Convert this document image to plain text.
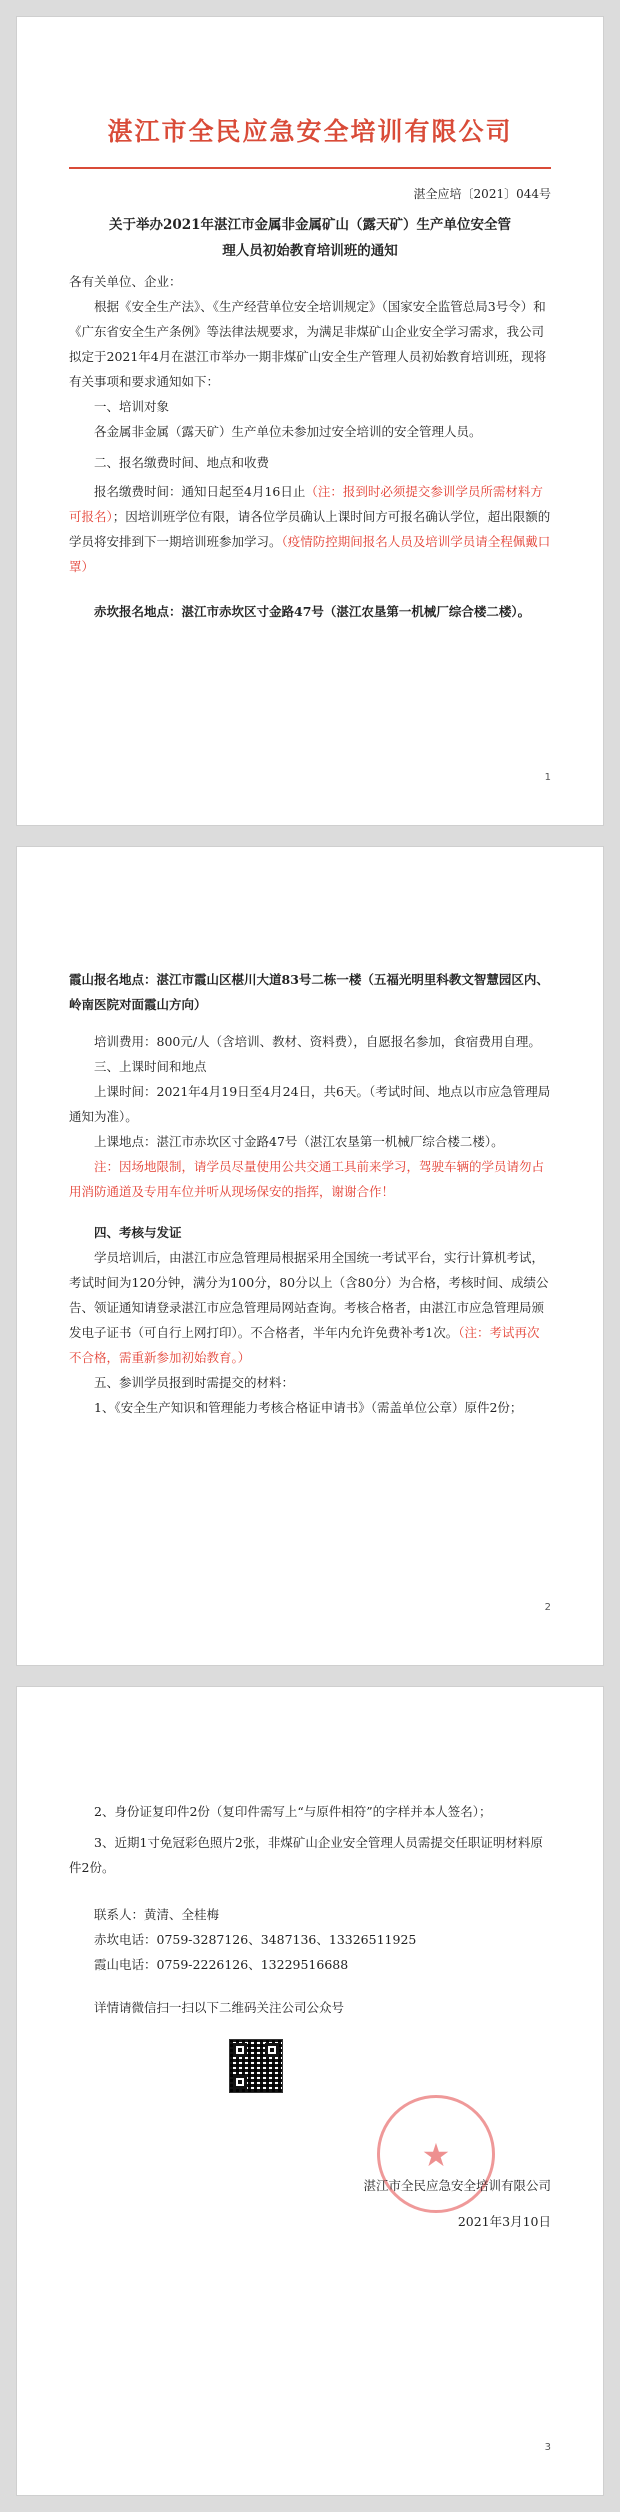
湛江市全民应急安全培训有限公司
湛全应培〔2021〕044号
关于举办2021年湛江市金属非金属矿山（露天矿）生产单位安全管
理人员初始教育培训班的通知

各有关单位、企业：

根据《安全生产法》、《生产经营单位安全培训规定》（国家安全监管总局3号令）和《广东省安全生产条例》等法律法规要求，为满足非煤矿山企业安全学习需求，我公司拟定于2021年4月在湛江市举办一期非煤矿山安全生产管理人员初始教育培训班，现将有关事项和要求通知如下：

一、培训对象

各金属非金属（露天矿）生产单位未参加过安全培训的安全管理人员。

二、报名缴费时间、地点和收费

报名缴费时间：通知日起至4月16日止（注：报到时必须提交参训学员所需材料方可报名）；因培训班学位有限，请各位学员确认上课时间方可报名确认学位，超出限额的学员将安排到下一期培训班参加学习。（疫情防控期间报名人员及培训学员请全程佩戴口罩）

赤坎报名地点：湛江市赤坎区寸金路47号（湛江农垦第一机械厂综合楼二楼）。

1

霞山报名地点：湛江市霞山区椹川大道83号二栋一楼（五福光明里科教文智慧园区内、岭南医院对面霞山方向）

培训费用：800元/人（含培训、教材、资料费），自愿报名参加，食宿费用自理。

三、上课时间和地点

上课时间：2021年4月19日至4月24日，共6天。（考试时间、地点以市应急管理局通知为准）。

上课地点：湛江市赤坎区寸金路47号（湛江农垦第一机械厂综合楼二楼）。

注：因场地限制，请学员尽量使用公共交通工具前来学习，驾驶车辆的学员请勿占用消防通道及专用车位并听从现场保安的指挥，谢谢合作！

四、考核与发证

学员培训后，由湛江市应急管理局根据采用全国统一考试平台，实行计算机考试，考试时间为120分钟，满分为100分，80分以上（含80分）为合格，考核时间、成绩公告、领证通知请登录湛江市应急管理局网站查询。考核合格者，由湛江市应急管理局颁发电子证书（可自行上网打印）。不合格者，半年内允许免费补考1次。（注：考试再次不合格，需重新参加初始教育。）

五、参训学员报到时需提交的材料：

1、《安全生产知识和管理能力考核合格证申请书》（需盖单位公章）原件2份；

2

2、身份证复印件2份（复印件需写上“与原件相符”的字样并本人签名）；

3、近期1寸免冠彩色照片2张，非煤矿山企业安全管理人员需提交任职证明材料原件2份。

联系人：黄清、全桂梅

赤坎电话：0759-3287126、3487136、13326511925

霞山电话：0759-2226126、13229516688

详情请微信扫一扫以下二维码关注公司公众号

★

湛江市全民应急安全培训有限公司

2021年3月10日

3
